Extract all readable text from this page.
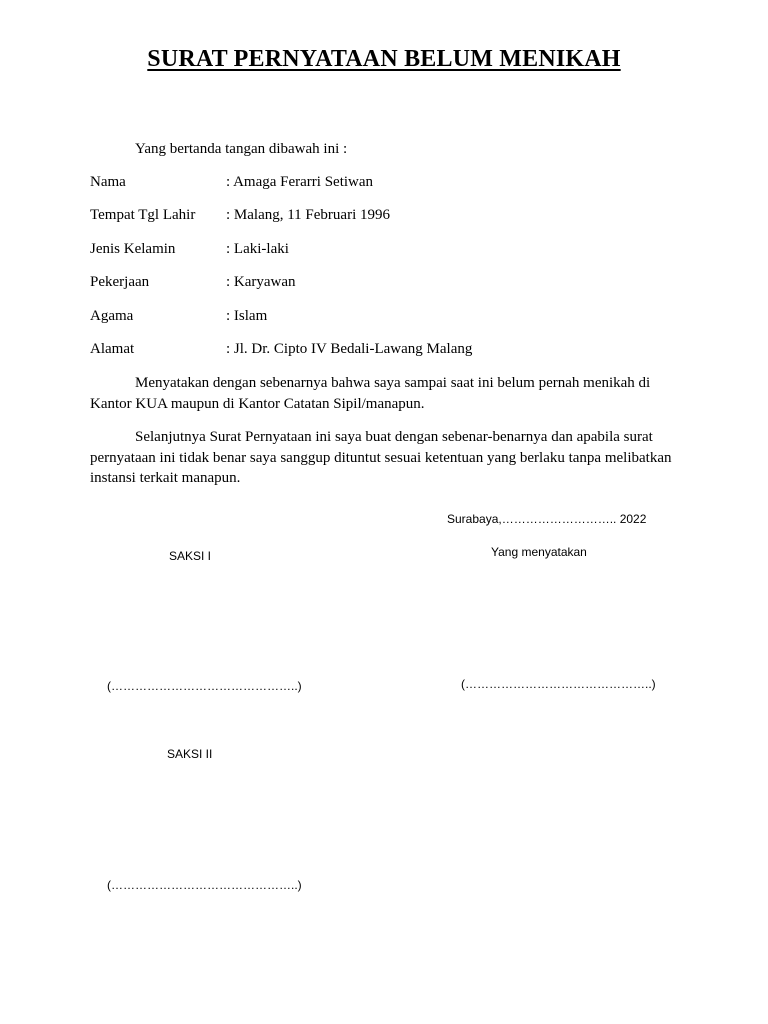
SURAT PERNYATAAN BELUM MENIKAH
Yang bertanda tangan dibawah ini :
Nama	: Amaga Ferarri Setiwan
Tempat Tgl Lahir : Malang, 11 Februari 1996
Jenis Kelamin	: Laki-laki
Pekerjaan	: Karyawan
Agama	: Islam
Alamat	: Jl. Dr. Cipto IV Bedali-Lawang Malang
Menyatakan dengan sebenarnya bahwa saya sampai saat ini belum pernah menikah di Kantor KUA maupun di Kantor Catatan Sipil/manapun.
Selanjutnya Surat Pernyataan ini saya buat dengan sebenar-benarnya dan apabila surat pernyataan ini tidak benar saya sanggup dituntut sesuai ketentuan yang berlaku tanpa melibatkan instansi terkait manapun.
Surabaya,……………………….. 2022
Yang menyatakan
SAKSI I
(………………………………………..)
(………………………………………..)
SAKSI II
(………………………………………..)
